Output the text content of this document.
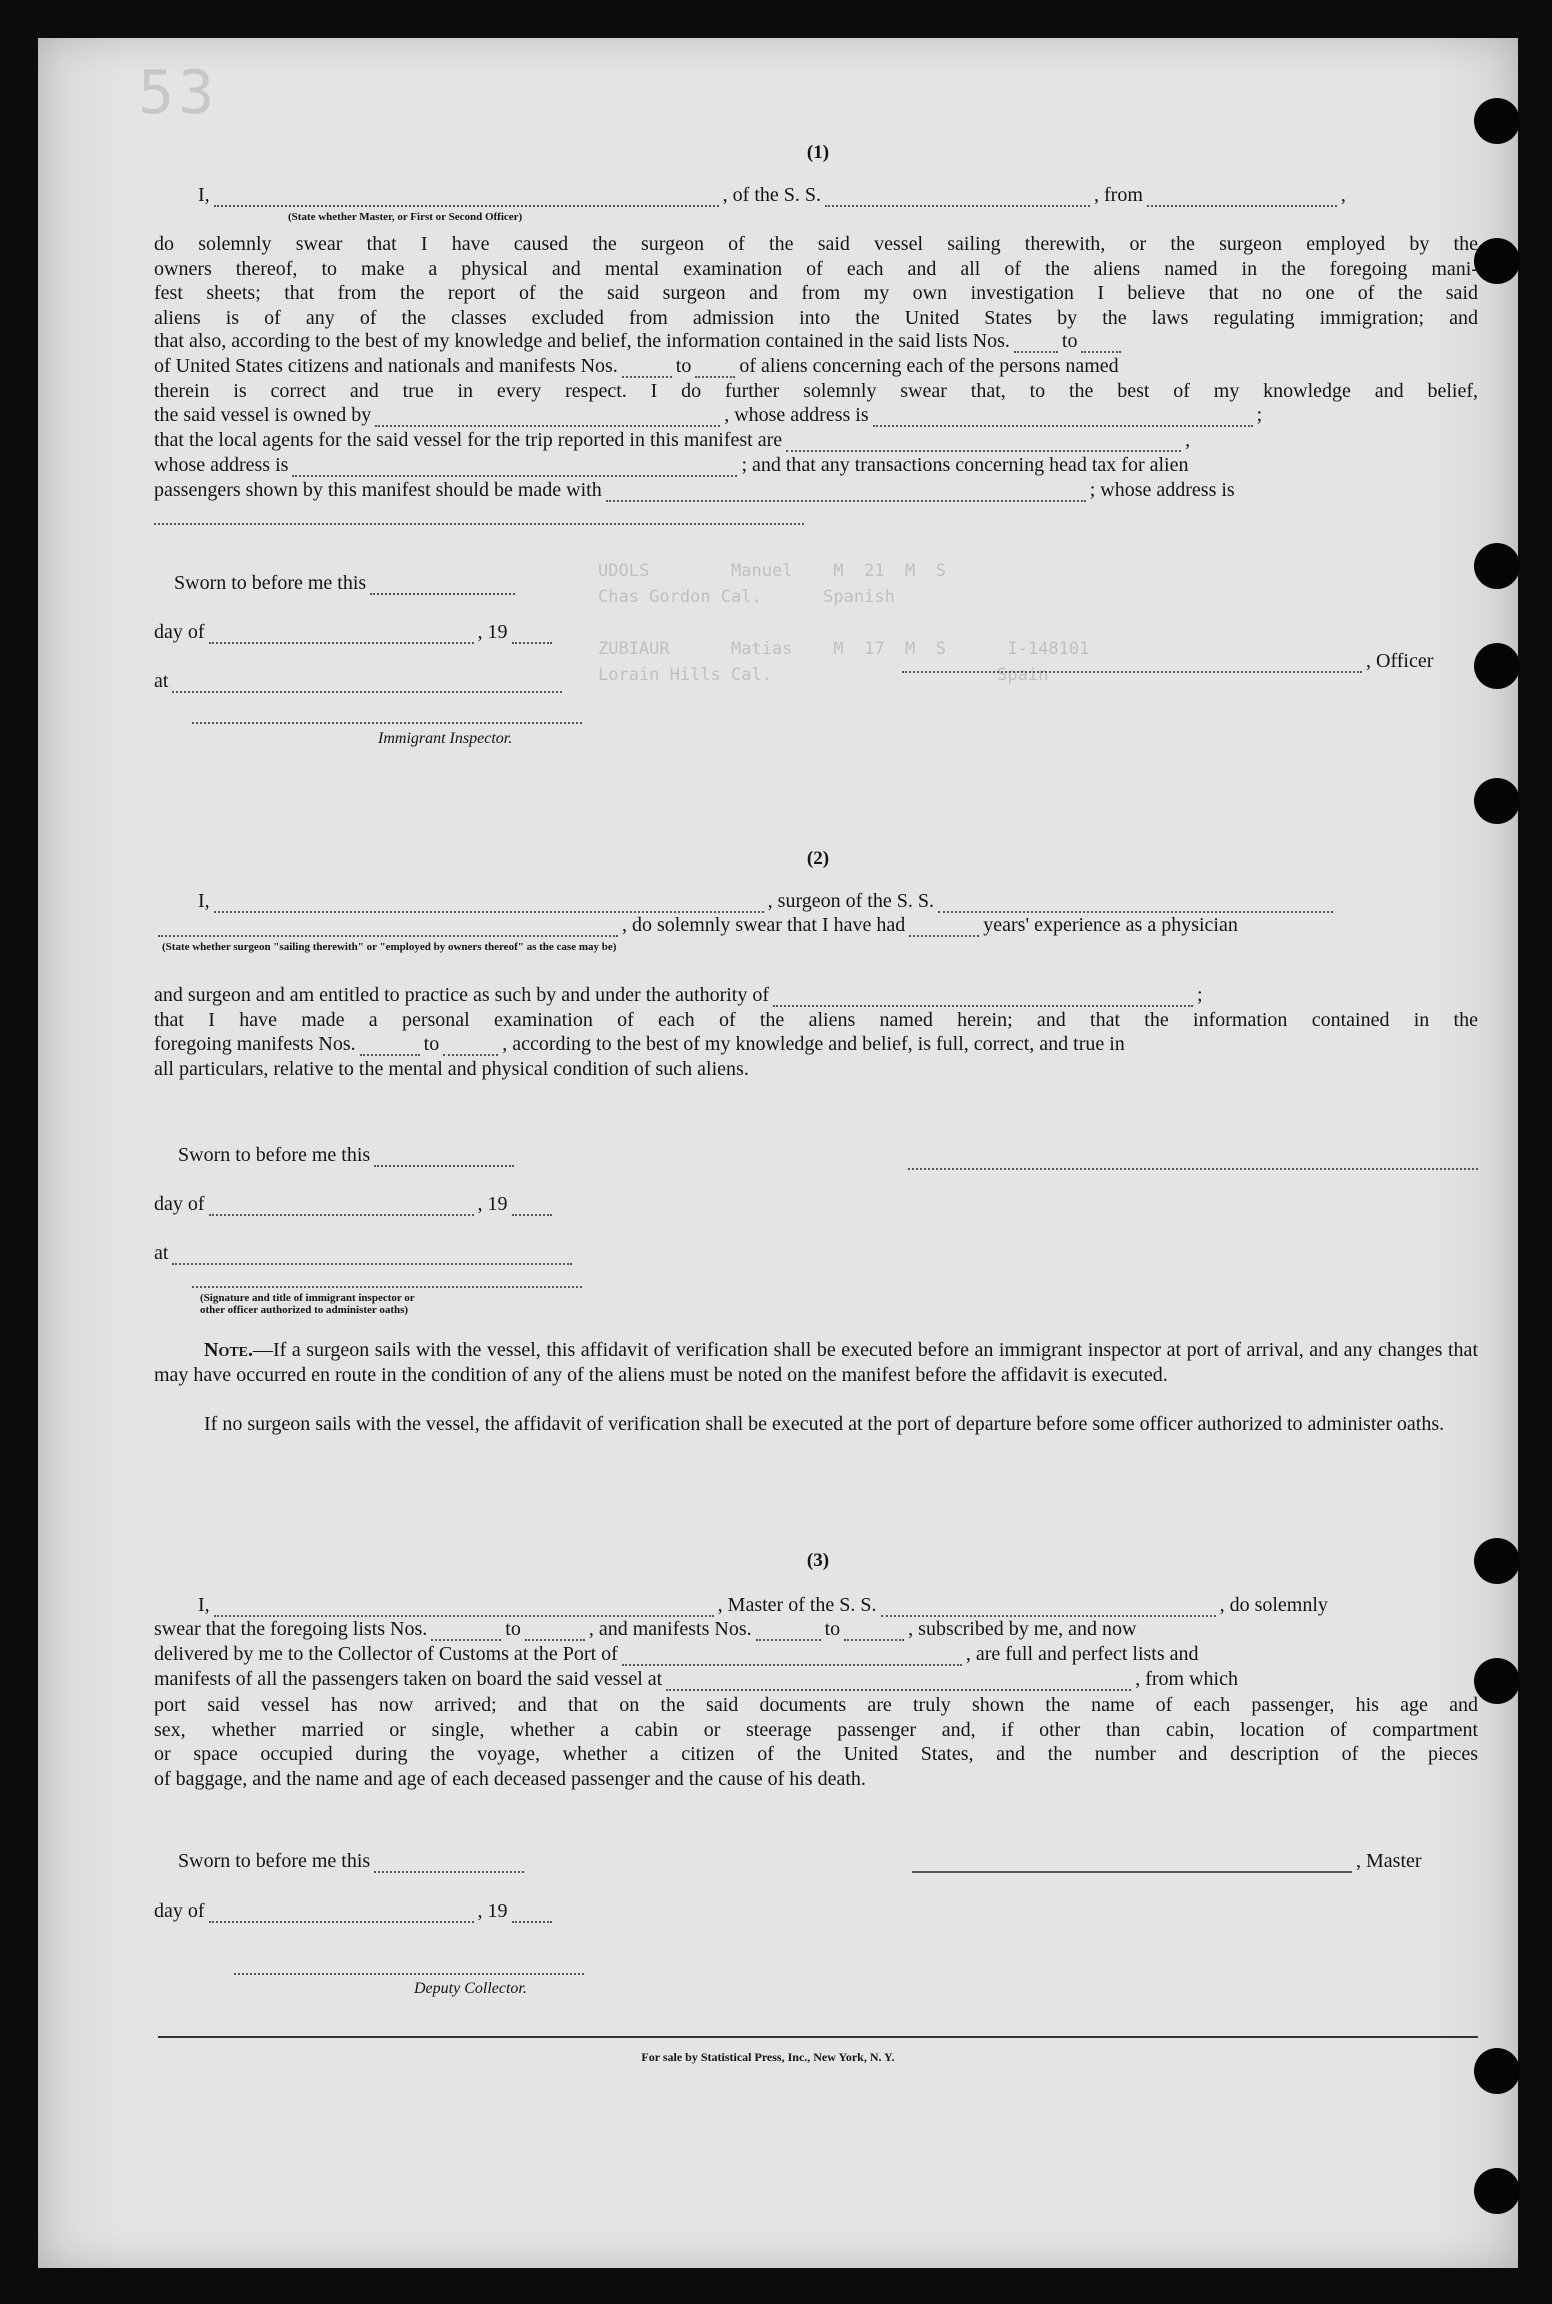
53
UDOLS        Manuel    M  21  M  S
Chas Gordon Cal.      Spanish

ZUBIAUR      Matias    M  17  M  S      I-148101
Lorain Hills Cal.                      Spain
(1)
I,	, of the S. S.	, from	,
(State whether Master, or First or Second Officer)
do solemnly swear that I have caused the surgeon of the said vessel sailing therewith, or the surgeon employed by the
owners thereof, to make a physical and mental examination of each and all of the aliens named in the foregoing mani-
fest sheets; that from the report of the said surgeon and from my own investigation I believe that no one of the said
aliens is of any of the classes excluded from admission into the United States by the laws regulating immigration; and
that also, according to the best of my knowledge and belief, the information contained in the said lists Nos.	to
of United States citizens and nationals and manifests Nos.	to of aliens concerning each of the persons named
therein is correct and true in every respect. I do further solemnly swear that, to the best of my knowledge and belief,
the said vessel is owned by	, whose address is	;
that the local agents for the said vessel for the trip reported in this manifest are	,
whose address is	; and that any transactions concerning head tax for alien
passengers shown by this manifest should be made with	; whose address is
Sworn to before me this
day of	, 19
, Officer
at
Immigrant Inspector.
(2)
I,	, surgeon of the S. S.
, do solemnly swear that I have had	years' experience as a physician
(State whether surgeon "sailing therewith" or "employed by owners thereof" as the case may be)
and surgeon and am entitled to practice as such by and under the authority of	;
that I have made a personal examination of each of the aliens named herein; and that the information contained in the
foregoing manifests Nos.	to	, according to the best of my knowledge and belief, is full, correct, and true in
all particulars, relative to the mental and physical condition of such aliens.
Sworn to before me this
day of	, 19
at
(Signature and title of immigrant inspector or
other officer authorized to administer oaths)
Note.—If a surgeon sails with the vessel, this affidavit of verification shall be executed before an immigrant inspector at port of arrival, and any changes that may have occurred en route in the condition of any of the aliens must be noted on the manifest before the affidavit is executed.
If no surgeon sails with the vessel, the affidavit of verification shall be executed at the port of departure before some officer authorized to administer oaths.
(3)
I,	, Master of the S. S.	, do solemnly
swear that the foregoing lists Nos.	to	, and manifests Nos.	to	, subscribed by me, and now
delivered by me to the Collector of Customs at the Port of	, are full and perfect lists and
manifests of all the passengers taken on board the said vessel at	, from which
port said vessel has now arrived; and that on the said documents are truly shown the name of each passenger, his age and
sex, whether married or single, whether a cabin or steerage passenger and, if other than cabin, location of compartment
or space occupied during the voyage, whether a citizen of the United States, and the number and description of the pieces
of baggage, and the name and age of each deceased passenger and the cause of his death.
Sworn to before me this	, Master
day of	, 19
Deputy Collector.
For sale by Statistical Press, Inc., New York, N. Y.
